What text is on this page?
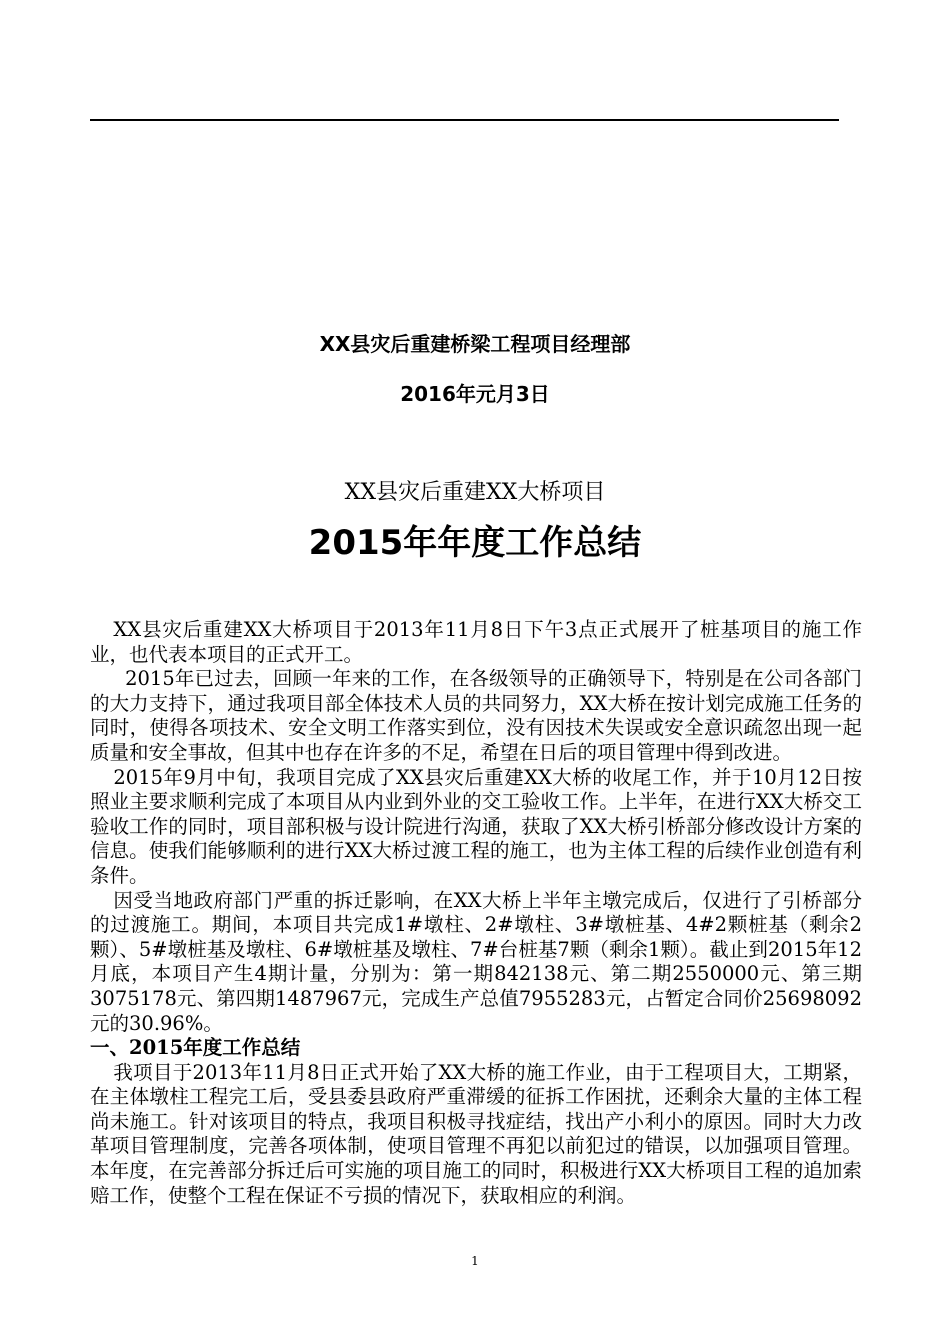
XX县灾后重建桥梁工程项目经理部
2016年元月3日
XX县灾后重建XX大桥项目
2015年年度工作总结

XX县灾后重建XX大桥项目于2013年11月8日下午3点正式展开了桩基项目的施工作业，也代表本项目的正式开工。

2015年已过去，回顾一年来的工作，在各级领导的正确领导下，特别是在公司各部门的大力支持下，通过我项目部全体技术人员的共同努力，XX大桥在按计划完成施工任务的同时，使得各项技术、安全文明工作落实到位，没有因技术失误或安全意识疏忽出现一起质量和安全事故，但其中也存在许多的不足，希望在日后的项目管理中得到改进。

2015年9月中旬，我项目完成了XX县灾后重建XX大桥的收尾工作，并于10月12日按照业主要求顺利完成了本项目从内业到外业的交工验收工作。上半年，在进行XX大桥交工验收工作的同时，项目部积极与设计院进行沟通，获取了XX大桥引桥部分修改设计方案的信息。使我们能够顺利的进行XX大桥过渡工程的施工，也为主体工程的后续作业创造有利条件。

因受当地政府部门严重的拆迁影响，在XX大桥上半年主墩完成后，仅进行了引桥部分的过渡施工。期间，本项目共完成1#墩柱、2#墩柱、3#墩桩基、4#2颗桩基（剩余2颗）、5#墩桩基及墩柱、6#墩桩基及墩柱、7#台桩基7颗（剩余1颗）。截止到2015年12月底，本项目产生4期计量，分别为：第一期842138元、第二期2550000元、第三期3075178元、第四期1487967元，完成生产总值7955283元，占暂定合同价25698092元的30.96%。

一、2015年度工作总结

我项目于2013年11月8日正式开始了XX大桥的施工作业，由于工程项目大，工期紧，在主体墩柱工程完工后，受县委县政府严重滞缓的征拆工作困扰，还剩余大量的主体工程尚未施工。针对该项目的特点，我项目积极寻找症结，找出产小利小的原因。同时大力改革项目管理制度，完善各项体制，使项目管理不再犯以前犯过的错误，以加强项目管理。本年度，在完善部分拆迁后可实施的项目施工的同时，积极进行XX大桥项目工程的追加索赔工作，使整个工程在保证不亏损的情况下，获取相应的利润。

1
